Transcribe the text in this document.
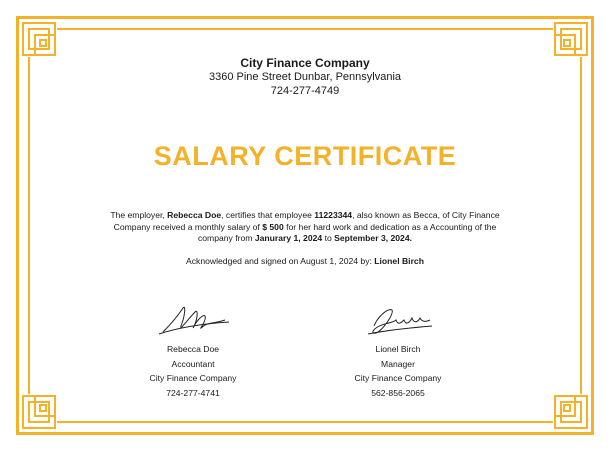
City Finance Company
3360 Pine Street Dunbar, Pennsylvania
724-277-4749
SALARY CERTIFICATE
The employer, Rebecca Doe, certifies that employee 11223344, also known as Becca, of City Finance Company received a monthly salary of $ 500 for her hard work and dedication as a Accounting of the company from Janurary 1, 2024 to September 3, 2024.
Acknowledged and signed on August 1, 2024 by: Lionel Birch
Rebecca Doe
Accountant
City Finance Company
724-277-4741
Lionel Birch
Manager
City Finance Company
562-856-2065
